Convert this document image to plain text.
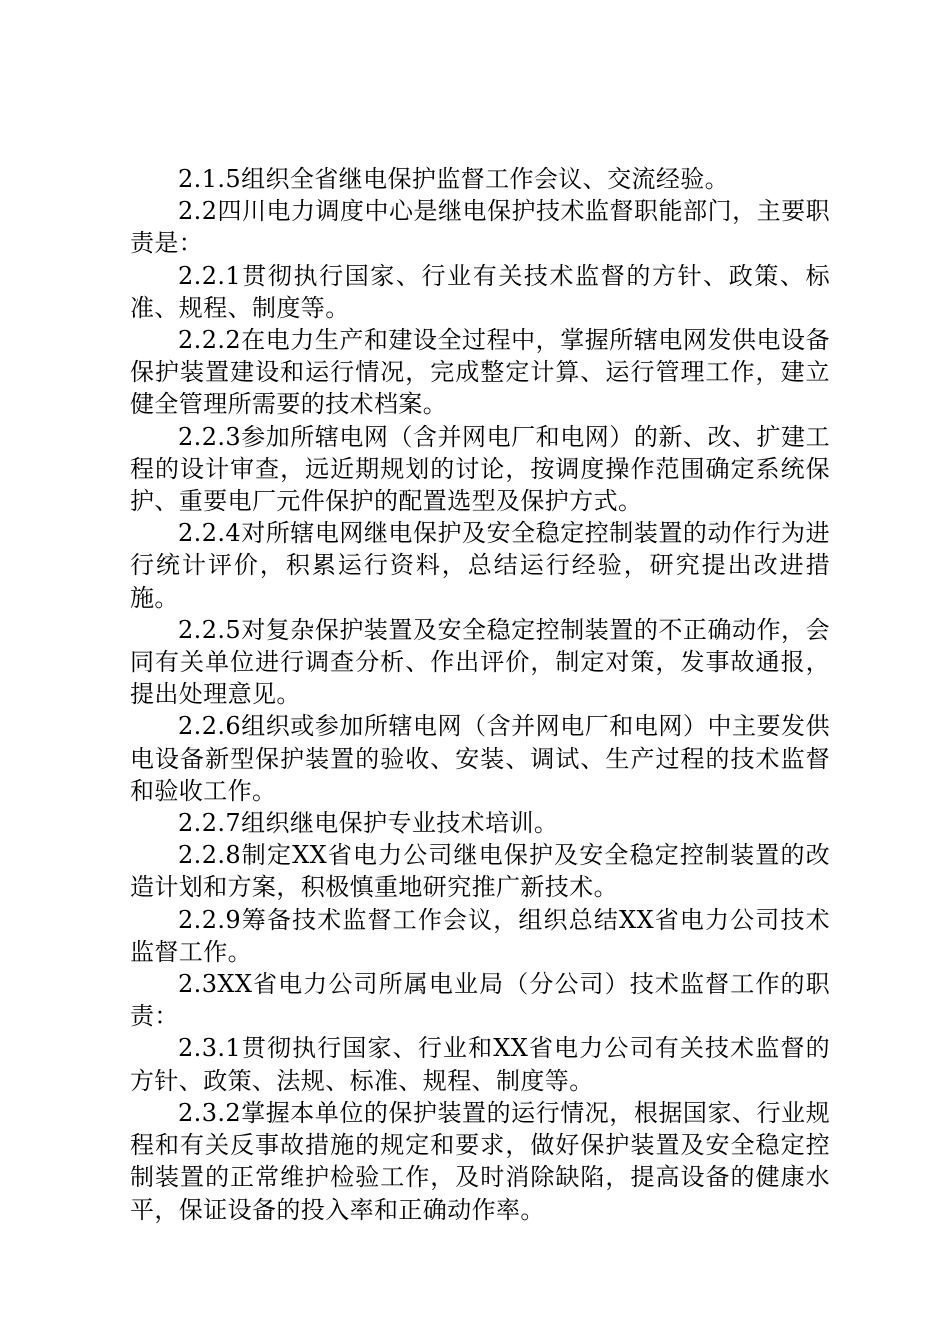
2.1.5组织全省继电保护监督工作会议、交流经验。

2.2四川电力调度中心是继电保护技术监督职能部门，主要职责是：

2.2.1贯彻执行国家、行业有关技术监督的方针、政策、标准、规程、制度等。

2.2.2在电力生产和建设全过程中，掌握所辖电网发供电设备保护装置建设和运行情况，完成整定计算、运行管理工作，建立健全管理所需要的技术档案。

2.2.3参加所辖电网（含并网电厂和电网）的新、改、扩建工程的设计审查，远近期规划的讨论，按调度操作范围确定系统保护、重要电厂元件保护的配置选型及保护方式。

2.2.4对所辖电网继电保护及安全稳定控制装置的动作行为进行统计评价，积累运行资料，总结运行经验，研究提出改进措施。

2.2.5对复杂保护装置及安全稳定控制装置的不正确动作，会同有关单位进行调查分析、作出评价，制定对策，发事故通报，提出处理意见。

2.2.6组织或参加所辖电网（含并网电厂和电网）中主要发供电设备新型保护装置的验收、安装、调试、生产过程的技术监督和验收工作。

2.2.7组织继电保护专业技术培训。

2.2.8制定XX省电力公司继电保护及安全稳定控制装置的改造计划和方案，积极慎重地研究推广新技术。

2.2.9筹备技术监督工作会议，组织总结XX省电力公司技术监督工作。

2.3XX省电力公司所属电业局（分公司）技术监督工作的职责：

2.3.1贯彻执行国家、行业和XX省电力公司有关技术监督的方针、政策、法规、标准、规程、制度等。

2.3.2掌握本单位的保护装置的运行情况，根据国家、行业规程和有关反事故措施的规定和要求，做好保护装置及安全稳定控制装置的正常维护检验工作，及时消除缺陷，提高设备的健康水平，保证设备的投入率和正确动作率。
